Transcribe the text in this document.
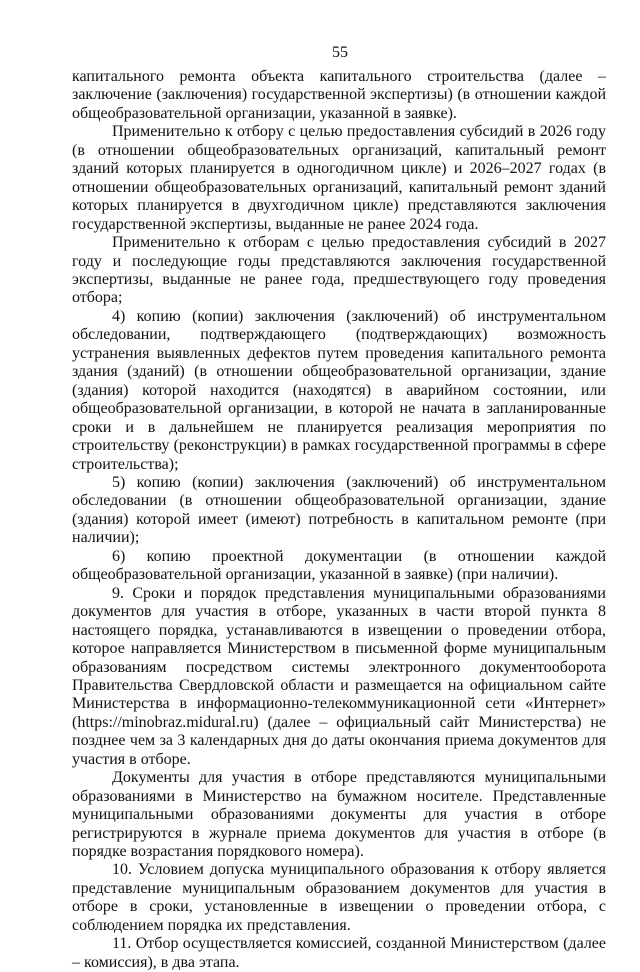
55

капитального ремонта объекта капитального строительства (далее – заключение (заключения) государственной экспертизы) (в отношении каждой общеобразовательной организации, указанной в заявке).

Применительно к отбору с целью предоставления субсидий в 2026 году (в отношении общеобразовательных организаций, капитальный ремонт зданий которых планируется в одногодичном цикле) и 2026–2027 годах (в отношении общеобразовательных организаций, капитальный ремонт зданий которых планируется в двухгодичном цикле) представляются заключения государственной экспертизы, выданные не ранее 2024 года.

Применительно к отборам с целью предоставления субсидий в 2027 году и последующие годы представляются заключения государственной экспертизы, выданные не ранее года, предшествующего году проведения отбора;

4) копию (копии) заключения (заключений) об инструментальном обследовании, подтверждающего (подтверждающих) возможность устранения выявленных дефектов путем проведения капитального ремонта здания (зданий) (в отношении общеобразовательной организации, здание (здания) которой находится (находятся) в аварийном состоянии, или общеобразовательной организации, в которой не начата в запланированные сроки и в дальнейшем не планируется реализация мероприятия по строительству (реконструкции) в рамках государственной программы в сфере строительства);

5) копию (копии) заключения (заключений) об инструментальном обследовании (в отношении общеобразовательной организации, здание (здания) которой имеет (имеют) потребность в капитальном ремонте (при наличии);

6) копию проектной документации (в отношении каждой общеобразовательной организации, указанной в заявке) (при наличии).

9. Сроки и порядок представления муниципальными образованиями документов для участия в отборе, указанных в части второй пункта 8 настоящего порядка, устанавливаются в извещении о проведении отбора, которое направляется Министерством в письменной форме муниципальным образованиям посредством системы электронного документооборота Правительства Свердловской области и размещается на официальном сайте Министерства в информационно-телекоммуникационной сети «Интернет» (https://minobraz.midural.ru) (далее – официальный сайт Министерства) не позднее чем за 3 календарных дня до даты окончания приема документов для участия в отборе.

Документы для участия в отборе представляются муниципальными образованиями в Министерство на бумажном носителе. Представленные муниципальными образованиями документы для участия в отборе регистрируются в журнале приема документов для участия в отборе (в порядке возрастания порядкового номера).

10. Условием допуска муниципального образования к отбору является представление муниципальным образованием документов для участия в отборе в сроки, установленные в извещении о проведении отбора, с соблюдением порядка их представления.

11. Отбор осуществляется комиссией, созданной Министерством (далее – комиссия), в два этапа.
